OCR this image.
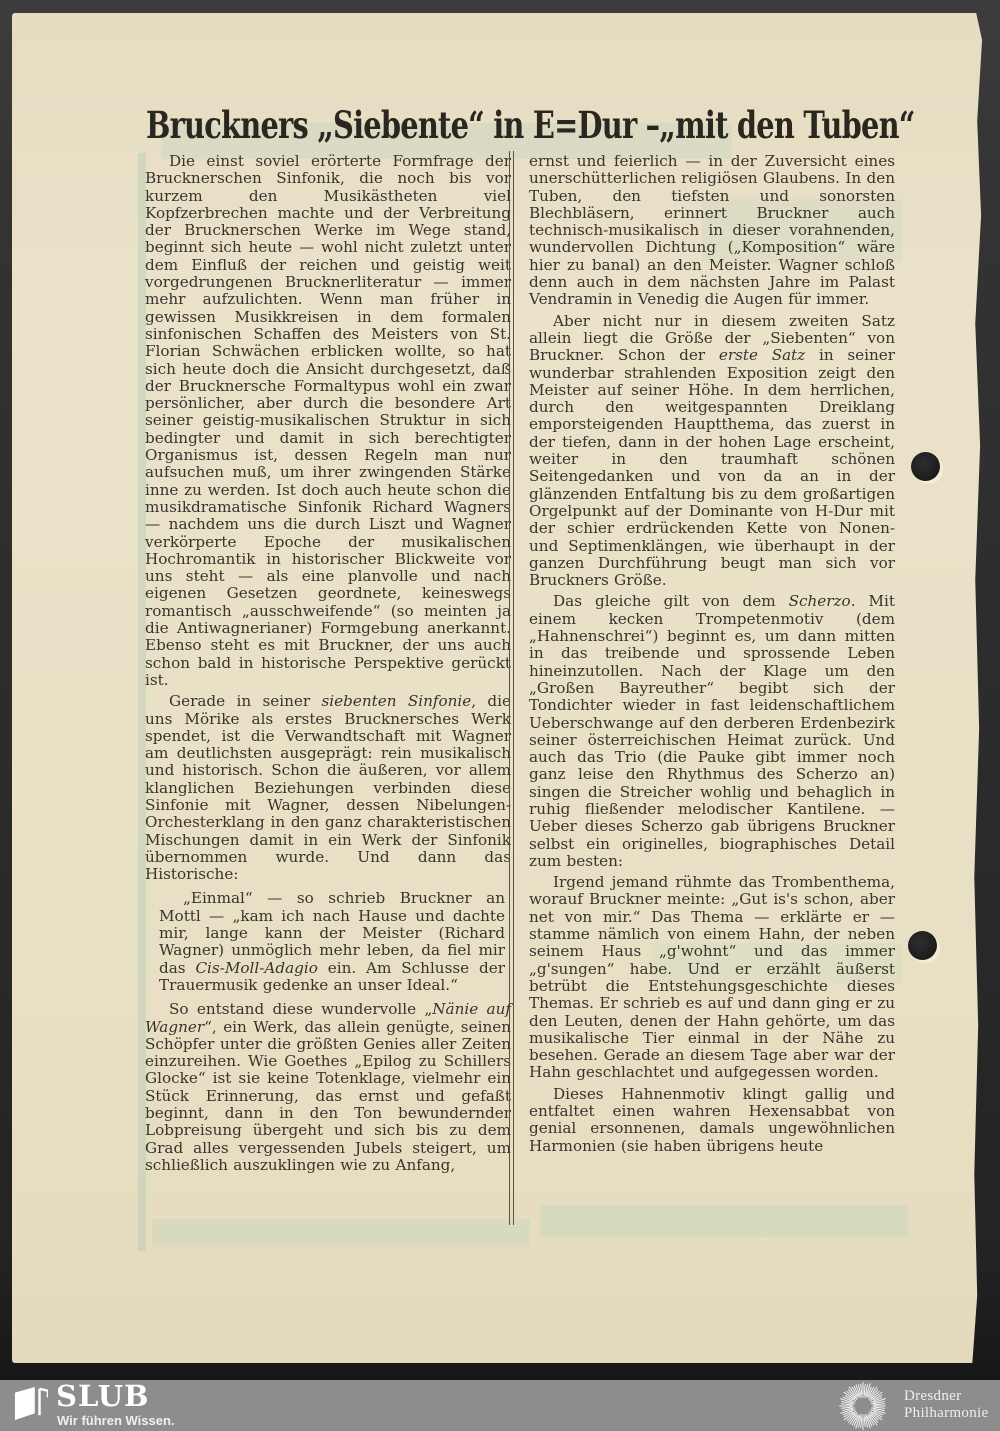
Bruckners „Siebente“ in E=Dur –„mit den Tuben“

Die einst soviel erörterte Formfrage der Brucknerschen Sinfonik, die noch bis vor kurzem den Musikästheten viel Kopfzerbrechen machte und der Verbreitung der Brucknerschen Werke im Wege stand, beginnt sich heute — wohl nicht zuletzt unter dem Einfluß der reichen und geistig weit vorgedrungenen Brucknerliteratur — immer mehr aufzulichten. Wenn man früher in gewissen Musikkreisen in dem formalen sinfonischen Schaffen des Meisters von St. Florian Schwächen erblicken wollte, so hat sich heute doch die Ansicht durchgesetzt, daß der Brucknersche Formaltypus wohl ein zwar persönlicher, aber durch die besondere Art seiner geistig-musikalischen Struktur in sich bedingter und damit in sich berechtigter Organismus ist, dessen Regeln man nur aufsuchen muß, um ihrer zwingenden Stärke inne zu werden. Ist doch auch heute schon die musikdramatische Sinfonik Richard Wagners — nachdem uns die durch Liszt und Wagner verkörperte Epoche der musikalischen Hochromantik in historischer Blickweite vor uns steht — als eine planvolle und nach eigenen Gesetzen geordnete, keineswegs romantisch „ausschweifende“ (so meinten ja die Antiwagnerianer) Formgebung anerkannt. Ebenso steht es mit Bruckner, der uns auch schon bald in historische Perspektive gerückt ist.

Gerade in seiner siebenten Sinfonie, die uns Mörike als erstes Brucknersches Werk spendet, ist die Verwandtschaft mit Wagner am deutlichsten ausgeprägt: rein musikalisch und historisch. Schon die äußeren, vor allem klanglichen Beziehungen verbinden diese Sinfonie mit Wagner, dessen Nibelungen-Orchesterklang in den ganz charakteristischen Mischungen damit in ein Werk der Sinfonik übernommen wurde. Und dann das Historische:

„Einmal“ — so schrieb Bruckner an Mottl — „kam ich nach Hause und dachte mir, lange kann der Meister (Richard Wagner) unmöglich mehr leben, da fiel mir das Cis-Moll-Adagio ein. Am Schlusse der Trauermusik gedenke an unser Ideal.“

So entstand diese wundervolle „Nänie auf Wagner“, ein Werk, das allein genügte, seinen Schöpfer unter die größten Genies aller Zeiten einzureihen. Wie Goethes „Epilog zu Schillers Glocke“ ist sie keine Totenklage, vielmehr ein Stück Erinnerung, das ernst und gefaßt beginnt, dann in den Ton bewundernder Lobpreisung übergeht und sich bis zu dem Grad alles vergessenden Jubels steigert, um schließlich auszuklingen wie zu Anfang,

ernst und feierlich — in der Zuversicht eines unerschütterlichen religiösen Glaubens. In den Tuben, den tiefsten und sonorsten Blechbläsern, erinnert Bruckner auch technisch-musikalisch in dieser vorahnenden, wundervollen Dichtung („Komposition“ wäre hier zu banal) an den Meister. Wagner schloß denn auch in dem nächsten Jahre im Palast Vendramin in Venedig die Augen für immer.

Aber nicht nur in diesem zweiten Satz allein liegt die Größe der „Siebenten“ von Bruckner. Schon der erste Satz in seiner wunderbar strahlenden Exposition zeigt den Meister auf seiner Höhe. In dem herrlichen, durch den weitgespannten Dreiklang emporsteigenden Hauptthema, das zuerst in der tiefen, dann in der hohen Lage erscheint, weiter in den traumhaft schönen Seitengedanken und von da an in der glänzenden Entfaltung bis zu dem großartigen Orgelpunkt auf der Dominante von H-Dur mit der schier erdrückenden Kette von Nonen- und Septimenklängen, wie überhaupt in der ganzen Durchführung beugt man sich vor Bruckners Größe.

Das gleiche gilt von dem Scherzo. Mit einem kecken Trompetenmotiv (dem „Hahnenschrei“) beginnt es, um dann mitten in das treibende und sprossende Leben hineinzutollen. Nach der Klage um den „Großen Bayreuther“ begibt sich der Tondichter wieder in fast leidenschaftlichem Ueberschwange auf den derberen Erdenbezirk seiner österreichischen Heimat zurück. Und auch das Trio (die Pauke gibt immer noch ganz leise den Rhythmus des Scherzo an) singen die Streicher wohlig und behaglich in ruhig fließender melodischer Kantilene. — Ueber dieses Scherzo gab übrigens Bruckner selbst ein originelles, biographisches Detail zum besten:

Irgend jemand rühmte das Trombenthema, worauf Bruckner meinte: „Gut is's schon, aber net von mir.“ Das Thema — erklärte er — stamme nämlich von einem Hahn, der neben seinem Haus „g'wohnt“ und das immer „g'sungen“ habe. Und er erzählt äußerst betrübt die Entstehungsgeschichte dieses Themas. Er schrieb es auf und dann ging er zu den Leuten, denen der Hahn gehörte, um das musikalische Tier einmal in der Nähe zu besehen. Gerade an diesem Tage aber war der Hahn geschlachtet und aufgegessen worden.

Dieses Hahnenmotiv klingt gallig und entfaltet einen wahren Hexensabbat von genial ersonnenen, damals ungewöhnlichen Harmonien (sie haben übrigens heute

SLUB
Wir führen Wissen.
Dresdner
Philharmonie
